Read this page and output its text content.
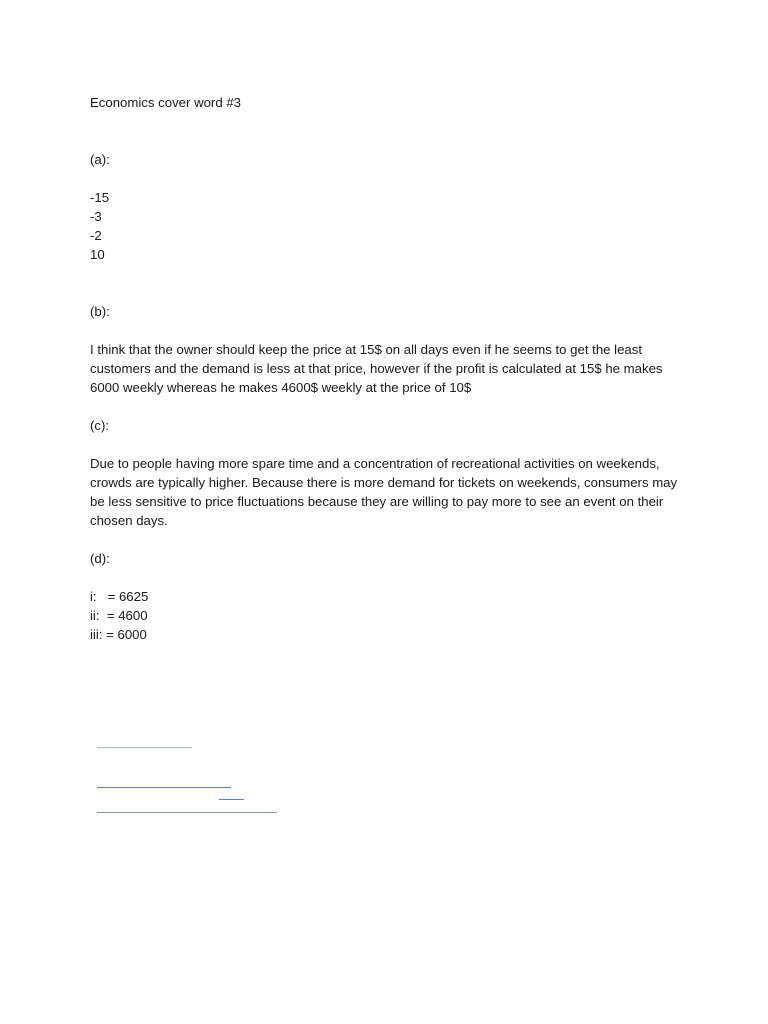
Economics cover word #3

(a):

-15

-3

-2

10

(b):

I think that the owner should keep the price at 15$ on all days even if he seems to get the least customers and the demand is less at that price, however if the profit is calculated at 15$ he makes 6000 weekly whereas he makes 4600$ weekly at the price of 10$

(c):

Due to people having more spare time and a concentration of recreational activities on weekends, crowds are typically higher. Because there is more demand for tickets on weekends, consumers may be less sensitive to price fluctuations because they are willing to pay more to see an event on their chosen days.

(d):

i:   = 6625

ii:  = 4600

iii: = 6000
